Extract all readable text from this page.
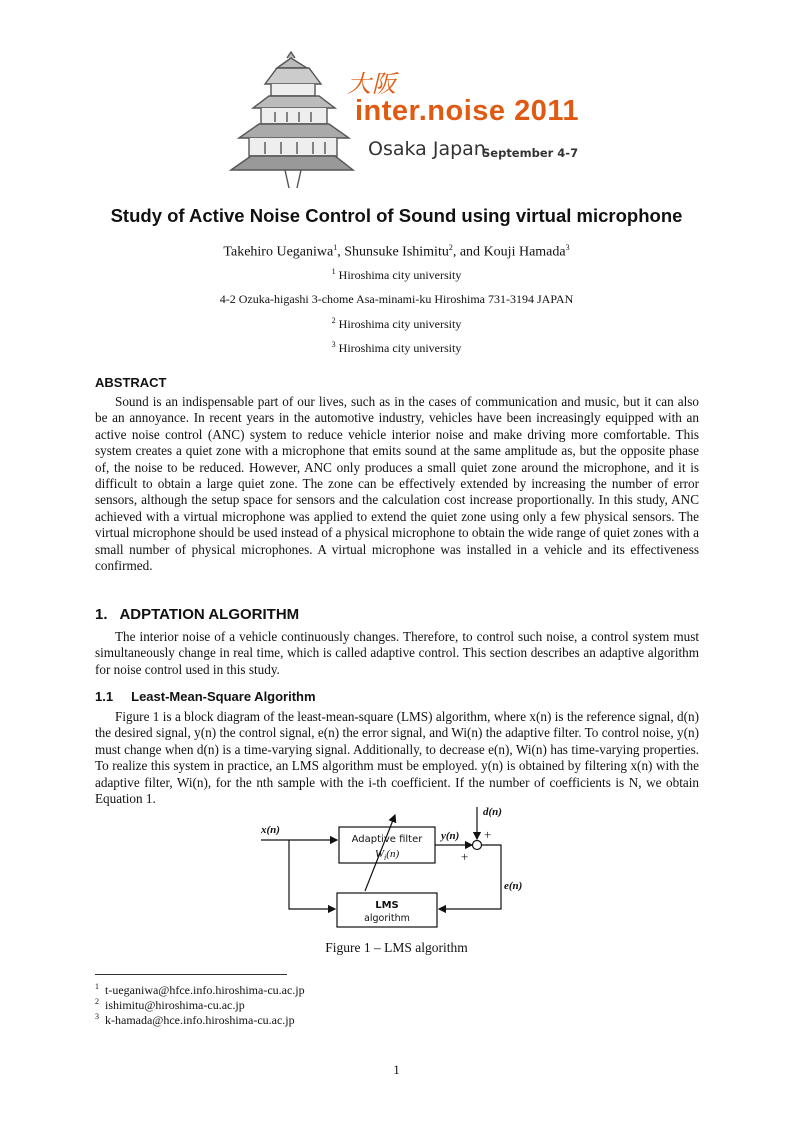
大阪
inter.noise 2011
Osaka Japan
September 4-7
Study of Active Noise Control of Sound using virtual microphone
Takehiro Ueganiwa$^1$, Shunsuke Ishimitu$^2$, and Kouji Hamada$^3$
$^1$ Hiroshima city university
4-2 Ozuka-higashi 3-chome Asa-minami-ku Hiroshima 731-3194 JAPAN
$^2$ Hiroshima city university
$^3$ Hiroshima city university
ABSTRACT

Sound is an indispensable part of our lives, such as in the cases of communication and music, but it can also be an annoyance. In recent years in the automotive industry, vehicles have been increasingly equipped with an active noise control (ANC) system to reduce vehicle interior noise and make driving more comfortable. This system creates a quiet zone with a microphone that emits sound at the same amplitude as, but the opposite phase of, the noise to be reduced. However, ANC only produces a small quiet zone around the microphone, and it is difficult to obtain a large quiet zone. The zone can be effectively extended by increasing the number of error sensors, although the setup space for sensors and the calculation cost increase proportionally. In this study, ANC achieved with a virtual microphone was applied to extend the quiet zone using only a few physical sensors. The virtual microphone should be used instead of a physical microphone to obtain the wide range of quiet zones with a small number of physical microphones. A virtual microphone was installed in a vehicle and its effectiveness confirmed.

1.   ADPTATION ALGORITHM

The interior noise of a vehicle continuously changes. Therefore, to control such noise, a control system must simultaneously change in real time, which is called adaptive control. This section describes an adaptive algorithm for noise control used in this study.

1.1     Least-Mean-Square Algorithm

Figure 1 is a block diagram of the least-mean-square (LMS) algorithm, where x(n) is the reference signal, d(n) the desired signal, y(n) the control signal, e(n) the error signal, and Wi(n) the adaptive filter. To control noise, y(n) must change when d(n) is a time-varying signal. Additionally, to decrease e(n), Wi(n) has time-varying properties. To realize this system in practice, an LMS algorithm must be employed. y(n) is obtained by filtering x(n) with the adaptive filter, Wi(n), for the nth sample with the i-th coefficient. If the number of coefficients is N, we obtain Equation 1.

x(n)
d(n)
y(n)
e(n)
+
+
Adaptive filter
$W_i(n)$
LMS
algorithm
Figure 1 – LMS algorithm
$^1$ t-ueganiwa@hfce.info.hiroshima-cu.ac.jp
$^2$ ishimitu@hiroshima-cu.ac.jp
$^3$ k-hamada@hce.info.hiroshima-cu.ac.jp
1
